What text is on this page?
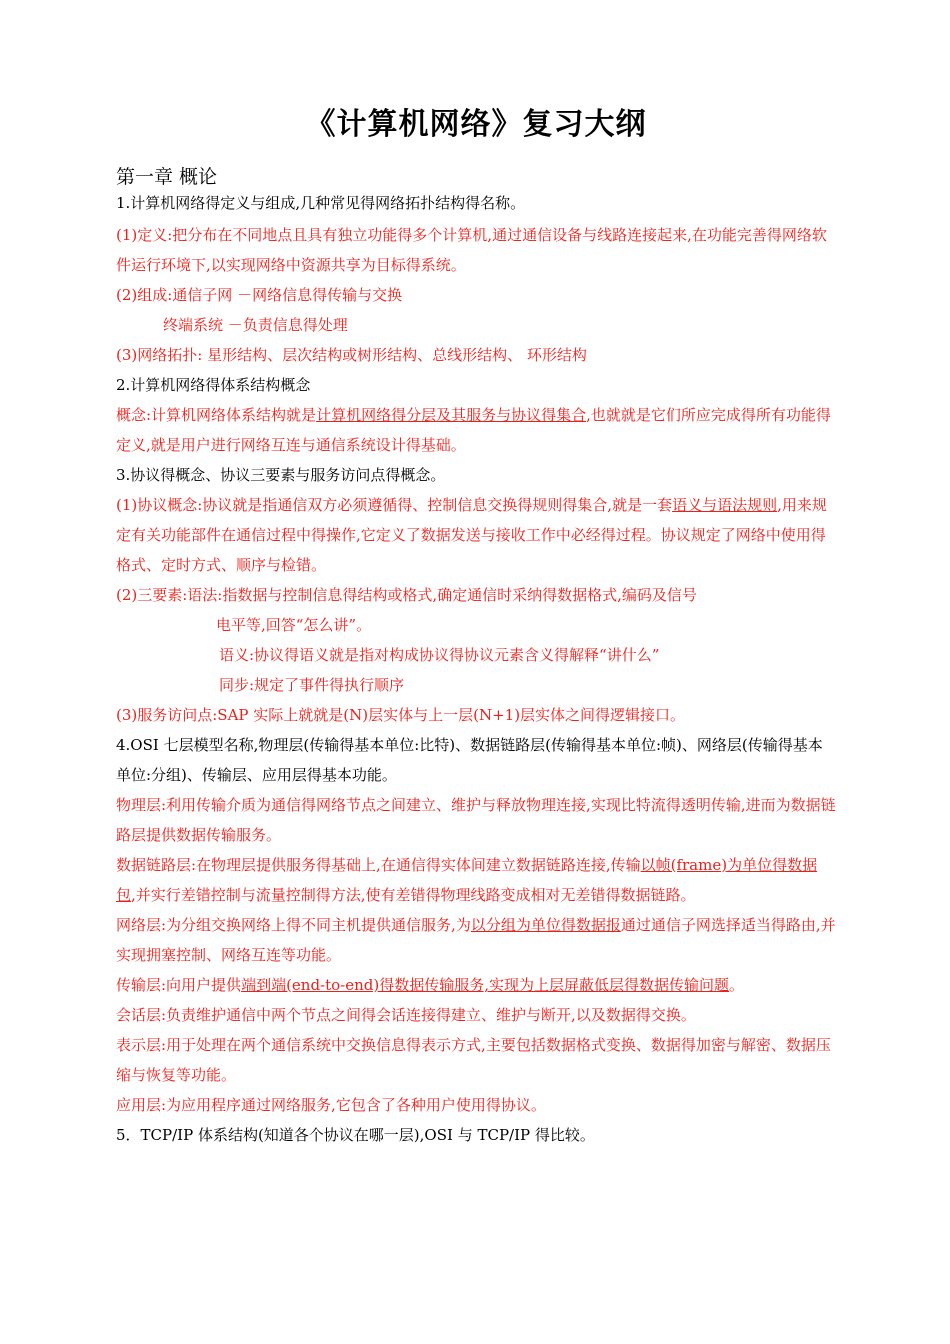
《计算机网络》复习大纲

第一章 概论

1.计算机网络得定义与组成,几种常见得网络拓扑结构得名称。

(1)定义:把分布在不同地点且具有独立功能得多个计算机,通过通信设备与线路连接起来,在功能完善得网络软件运行环境下,以实现网络中资源共享为目标得系统。

(2)组成:通信子网 －网络信息得传输与交换

终端系统 －负责信息得处理

(3)网络拓扑: 星形结构、层次结构或树形结构、总线形结构、 环形结构

2.计算机网络得体系结构概念

概念:计算机网络体系结构就是计算机网络得分层及其服务与协议得集合,也就就是它们所应完成得所有功能得定义,就是用户进行网络互连与通信系统设计得基础。

3.协议得概念、协议三要素与服务访问点得概念。

(1)协议概念:协议就是指通信双方必须遵循得、控制信息交换得规则得集合,就是一套语义与语法规则,用来规定有关功能部件在通信过程中得操作,它定义了数据发送与接收工作中必经得过程。协议规定了网络中使用得格式、定时方式、顺序与检错。

(2)三要素:语法:指数据与控制信息得结构或格式,确定通信时采纳得数据格式,编码及信号

电平等,回答“怎么讲”。

语义:协议得语义就是指对构成协议得协议元素含义得解释“讲什么”

同步:规定了事件得执行顺序

(3)服务访问点:SAP 实际上就就是(N)层实体与上一层(N+1)层实体之间得逻辑接口。

4.OSI 七层模型名称,物理层(传输得基本单位:比特)、数据链路层(传输得基本单位:帧)、网络层(传输得基本单位:分组)、传输层、应用层得基本功能。

物理层:利用传输介质为通信得网络节点之间建立、维护与释放物理连接,实现比特流得透明传输,进而为数据链路层提供数据传输服务。

数据链路层:在物理层提供服务得基础上,在通信得实体间建立数据链路连接,传输以帧(frame)为单位得数据包,并实行差错控制与流量控制得方法,使有差错得物理线路变成相对无差错得数据链路。

网络层:为分组交换网络上得不同主机提供通信服务,为以分组为单位得数据报通过通信子网选择适当得路由,并实现拥塞控制、网络互连等功能。

传输层:向用户提供端到端(end-to-end)得数据传输服务,实现为上层屏蔽低层得数据传输问题。

会话层:负责维护通信中两个节点之间得会话连接得建立、维护与断开,以及数据得交换。

表示层:用于处理在两个通信系统中交换信息得表示方式,主要包括数据格式变换、数据得加密与解密、数据压缩与恢复等功能。

应用层:为应用程序通过网络服务,它包含了各种用户使用得协议。

5．TCP/IP 体系结构(知道各个协议在哪一层),OSI 与 TCP/IP 得比较。
